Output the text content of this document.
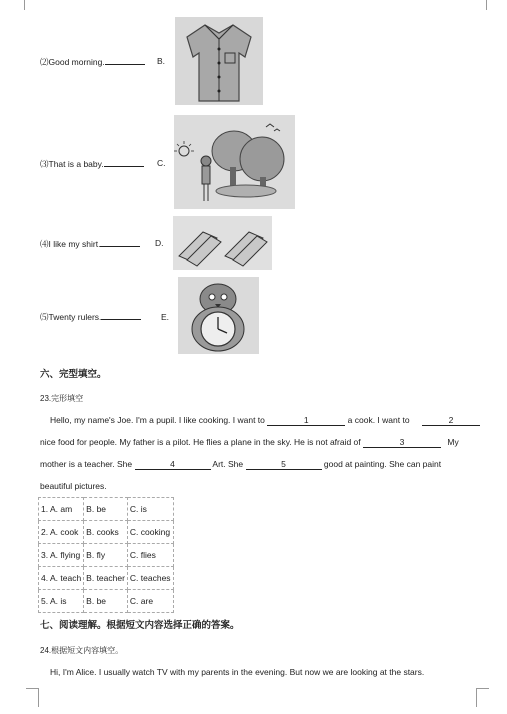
⑵Good morning.	B.
⑶That is a baby.	C.
⑷I like my shirt.	D.
⑸Twenty rulers.	E.
六、完型填空。
23.完形填空
Hello, my name's Joe. I'm a pupil. I like cooking. I want to	1	a cook. I want to	2
nice food for people. My father is a pilot. He flies a plane in the sky. He is not afraid of	3	My
mother is a teacher. She	4	Art. She	5	good at painting. She can paint
beautiful pictures.
1. A. am	B. be	C. is
2. A. cook	B. cooks	C. cooking
3. A. flying	B. fly	C. flies
4. A. teach	B. teacher	C. teaches
5. A. is	B. be	C. are
七、阅读理解。根据短文内容选择正确的答案。
24.根据短文内容填空。
Hi, I'm Alice. I usually watch TV with my parents in the evening. But now we are looking at the stars.
